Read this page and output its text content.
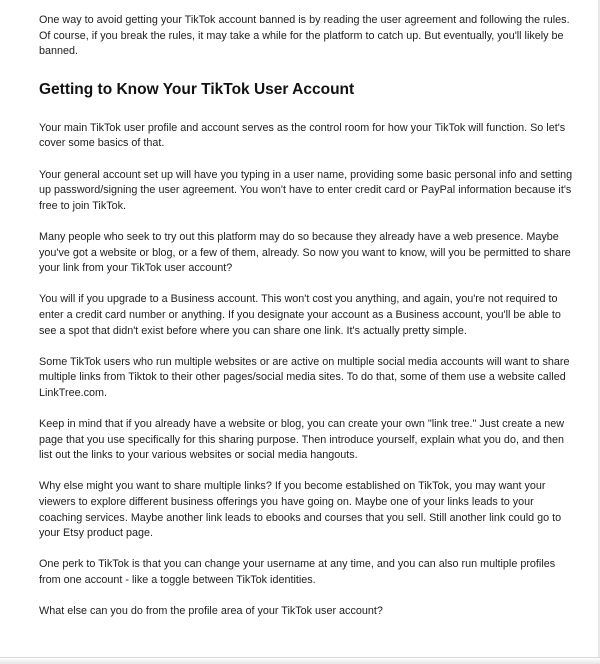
One way to avoid getting your TikTok account banned is by reading the user agreement and following the rules. Of course, if you break the rules, it may take a while for the platform to catch up. But eventually, you'll likely be banned.

Getting to Know Your TikTok User Account

Your main TikTok user profile and account serves as the control room for how your TikTok will function. So let's cover some basics of that.

Your general account set up will have you typing in a user name, providing some basic personal info and setting up password/signing the user agreement. You won't have to enter credit card or PayPal information because it's free to join TikTok.

Many people who seek to try out this platform may do so because they already have a web presence. Maybe you've got a website or blog, or a few of them, already. So now you want to know, will you be permitted to share your link from your TikTok user account?

You will if you upgrade to a Business account. This won't cost you anything, and again, you're not required to enter a credit card number or anything. If you designate your account as a Business account, you'll be able to see a spot that didn't exist before where you can share one link. It's actually pretty simple.

Some TikTok users who run multiple websites or are active on multiple social media accounts will want to share multiple links from Tiktok to their other pages/social media sites. To do that, some of them use a website called LinkTree.com.

Keep in mind that if you already have a website or blog, you can create your own "link tree." Just create a new page that you use specifically for this sharing purpose. Then introduce yourself, explain what you do, and then list out the links to your various websites or social media hangouts.

Why else might you want to share multiple links? If you become established on TikTok, you may want your viewers to explore different business offerings you have going on. Maybe one of your links leads to your coaching services. Maybe another link leads to ebooks and courses that you sell. Still another link could go to your Etsy product page.

One perk to TikTok is that you can change your username at any time, and you can also run multiple profiles from one account - like a toggle between TikTok identities.

What else can you do from the profile area of your TikTok user account?
